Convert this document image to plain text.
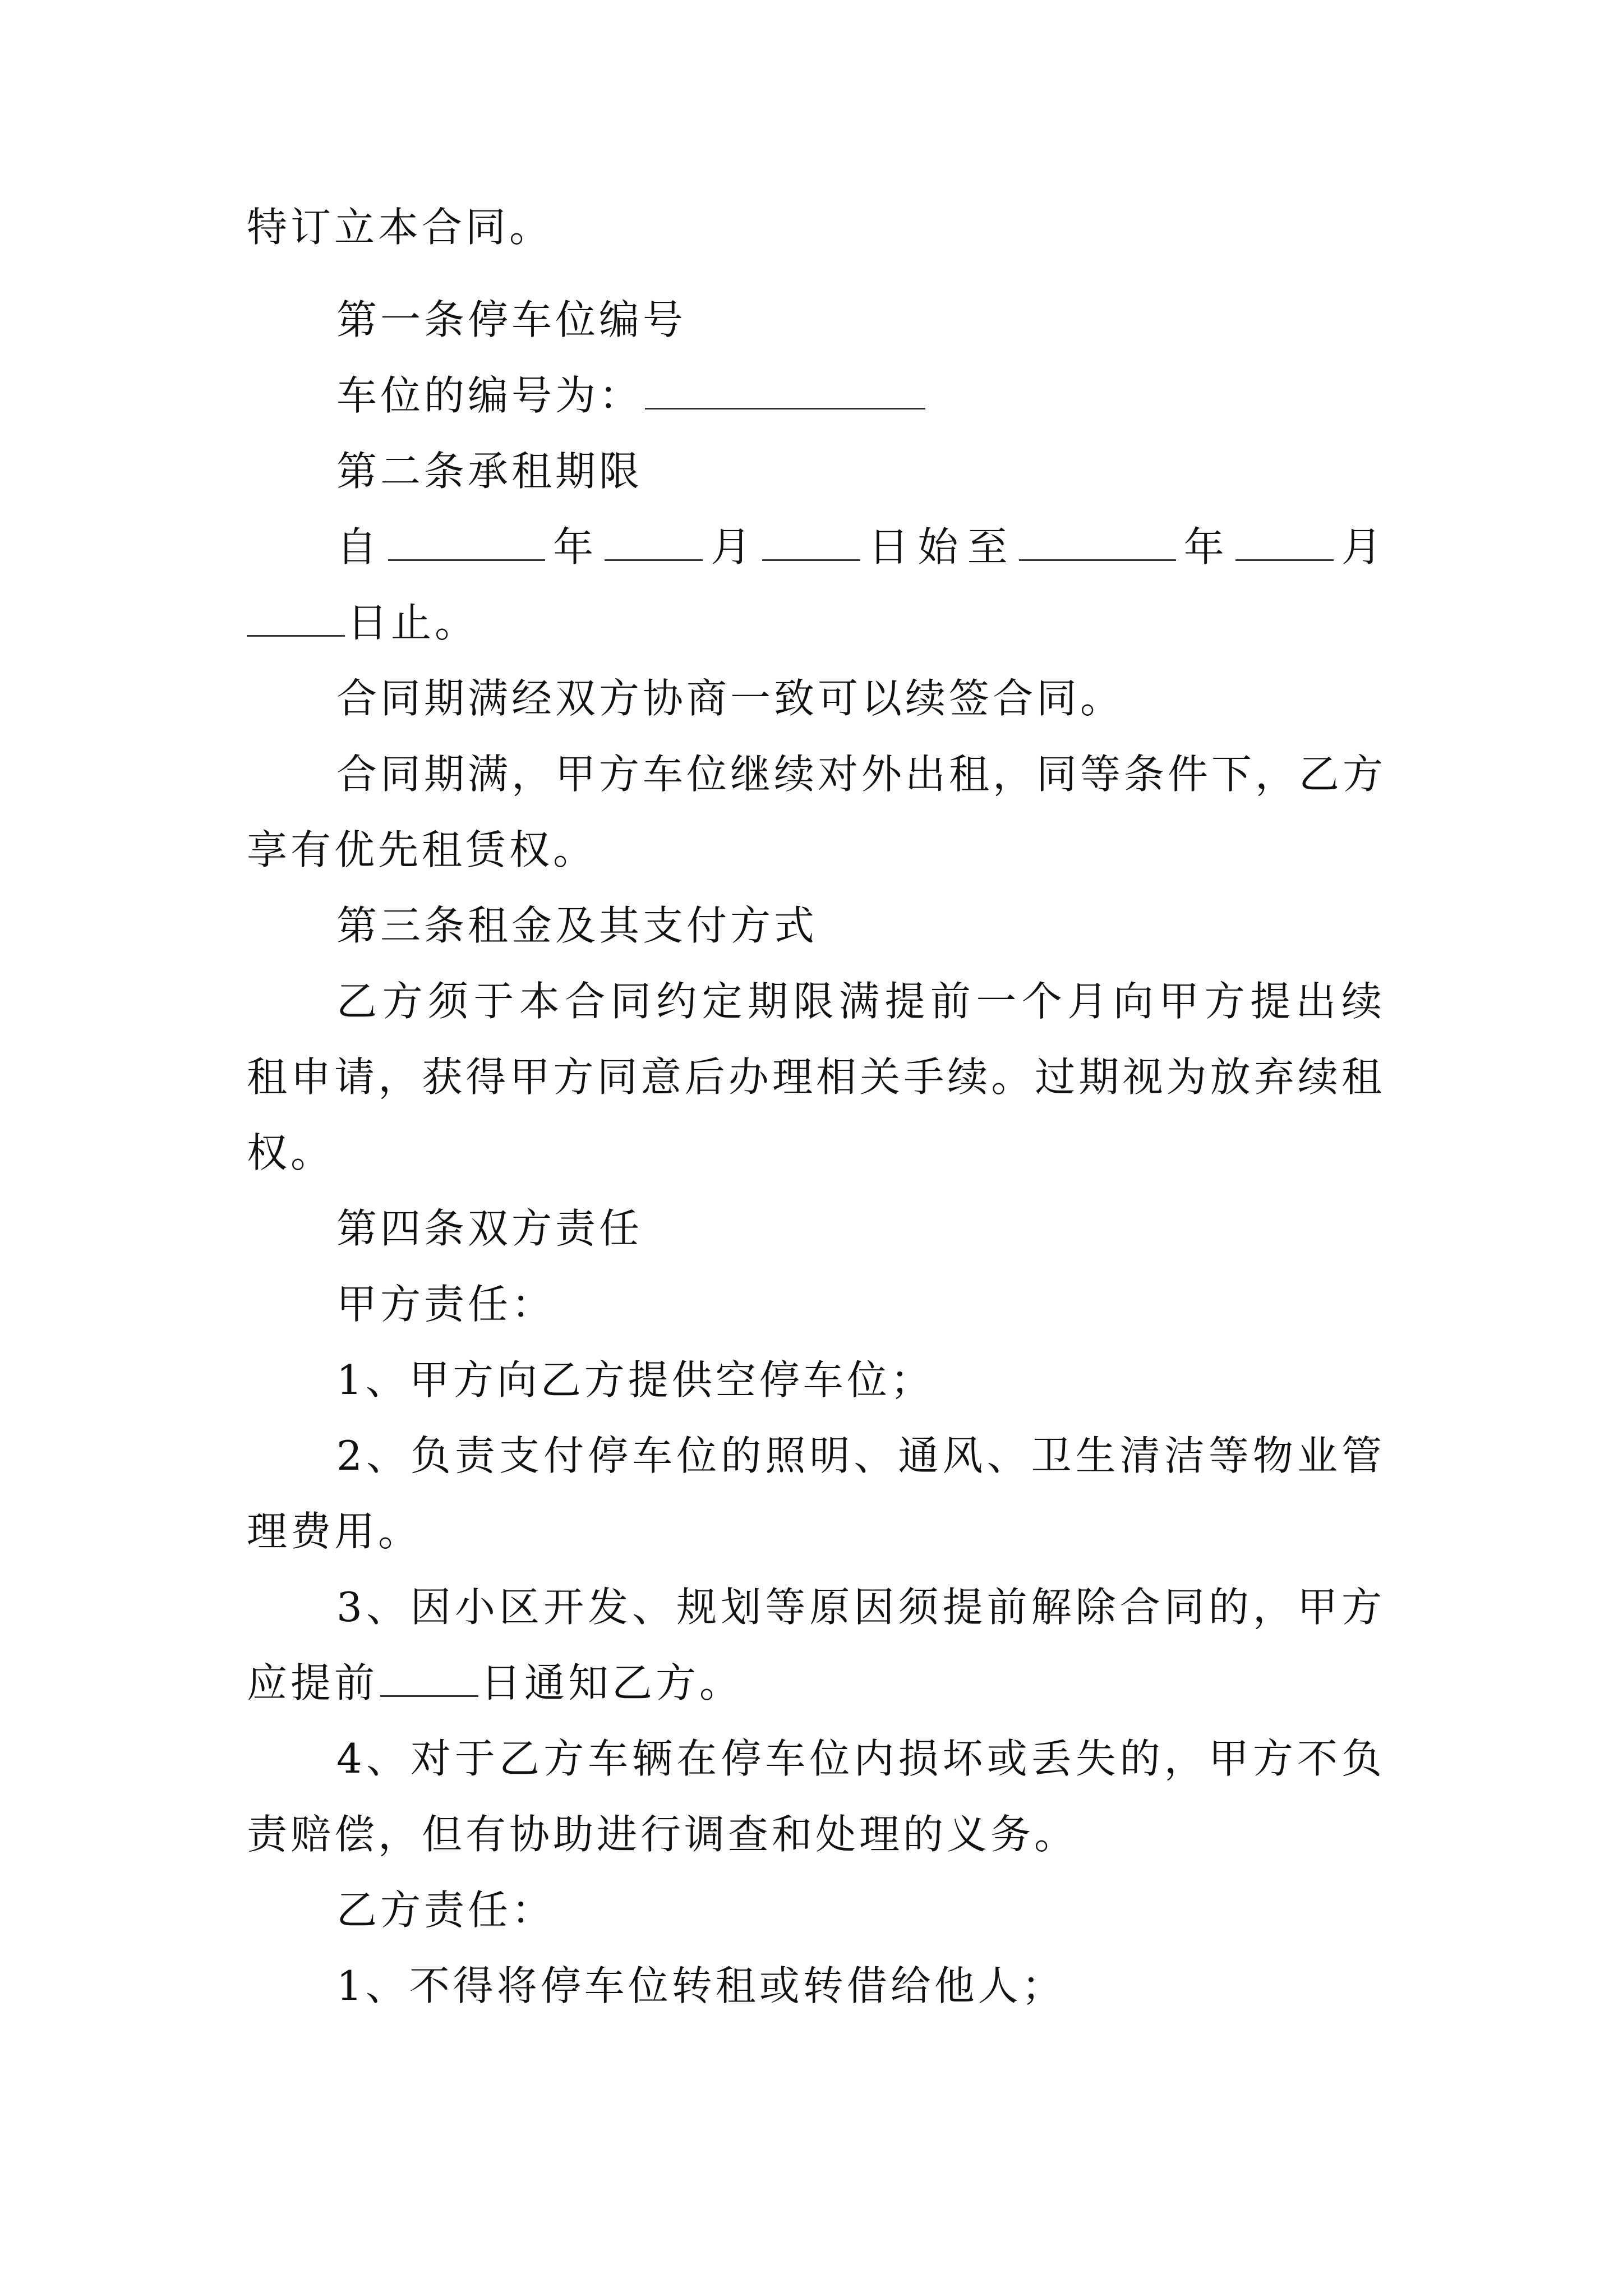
特订立本合同。
第一条停车位编号
车位的编号为：
第二条承租期限
自	年	月	日始至	年	月
日止。
合同期满经双方协商一致可以续签合同。
合同期满，甲方车位继续对外出租，同等条件下，乙方
享有优先租赁权。
第三条租金及其支付方式
乙方须于本合同约定期限满提前一个月向甲方提出续
租申请，获得甲方同意后办理相关手续。过期视为放弃续租
权。
第四条双方责任
甲方责任：
1、甲方向乙方提供空停车位；
2、负责支付停车位的照明、通风、卫生清洁等物业管
理费用。
3、因小区开发、规划等原因须提前解除合同的，甲方
应提前	日通知乙方。
4、对于乙方车辆在停车位内损坏或丢失的，甲方不负
责赔偿，但有协助进行调查和处理的义务。
乙方责任：
1、不得将停车位转租或转借给他人；
